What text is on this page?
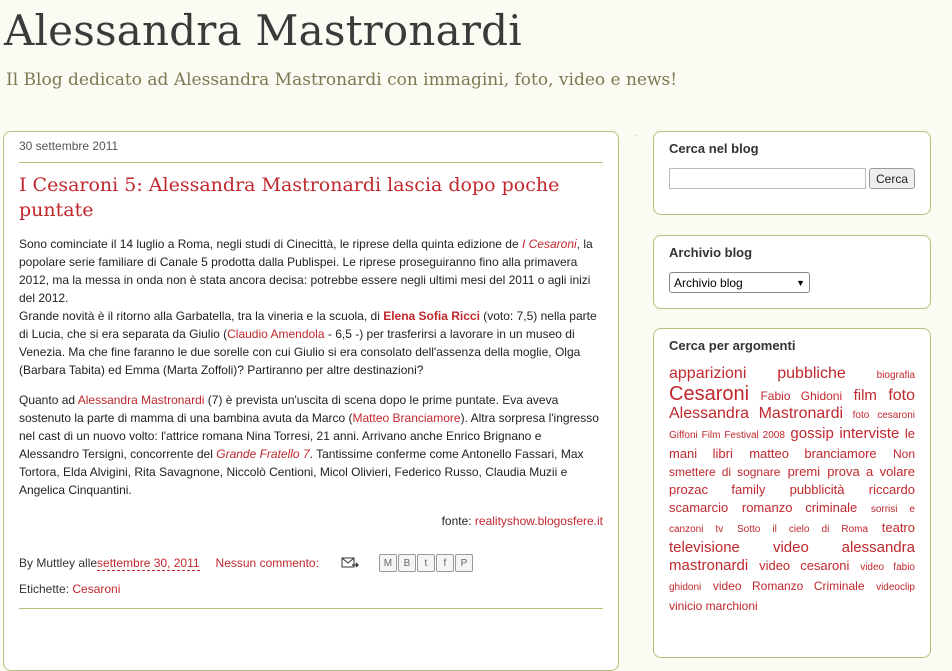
Alessandra Mastronardi

Il Blog dedicato ad Alessandra Mastronardi con immagini, foto, video e news!

·
30 settembre 2011
I Cesaroni 5: Alessandra Mastronardi lascia dopo poche puntate

Sono cominciate il 14 luglio a Roma, negli studi di Cinecittà, le riprese della quinta edizione de I Cesaroni, la popolare serie familiare di Canale 5 prodotta dalla Publispei. Le riprese proseguiranno fino alla primavera 2012, ma la messa in onda non è stata ancora decisa: potrebbe essere negli ultimi mesi del 2011 o agli inizi del 2012.
Grande novità è il ritorno alla Garbatella, tra la vineria e la scuola, di Elena Sofia Ricci (voto: 7,5) nella parte di Lucia, che si era separata da Giulio (Claudio Amendola - 6,5 -) per trasferirsi a lavorare in un museo di Venezia. Ma che fine faranno le due sorelle con cui Giulio si era consolato dell'assenza della moglie, Olga (Barbara Tabita) ed Emma (Marta Zoffoli)? Partiranno per altre destinazioni?

Quanto ad Alessandra Mastronardi (7) è prevista un'uscita di scena dopo le prime puntate. Eva aveva sostenuto la parte di mamma di una bambina avuta da Marco (Matteo Branciamore). Altra sorpresa l'ingresso nel cast di un nuovo volto: l'attrice romana Nina Torresi, 21 anni. Arrivano anche Enrico Brignano e Alessandro Tersigni, concorrente del Grande Fratello 7. Tantissime conferme come Antonello Fassari, Max Tortora, Elda Alvigini, Rita Savagnone, Niccolò Centioni, Micol Olivieri, Federico Russo, Claudia Muzii e Angelica Cinquantini.

fonte: realityshow.blogosfere.it
By Muttley alle settembre 30, 2011 Nessun commento:	M	B	t	f	P
Etichette: Cesaroni
Cerca nel blog
Cerca
Archivio blog
Archivio blog	▼
Cerca per argomenti
apparizioni pubbliche	biografia Cesaroni Fabio Ghidoni film foto Alessandra Mastronardi foto cesaroni Giffoni Film Festival 2008 gossip interviste le mani libri matteo branciamore Non smettere di sognare premi prova a volare prozac family pubblicità riccardo scamarcio romanzo criminale sorrisi e canzoni tv Sotto il cielo di Roma teatro televisione video alessandra mastronardi video cesaroni video fabio ghidoni video Romanzo Criminale videoclip vinicio marchioni
